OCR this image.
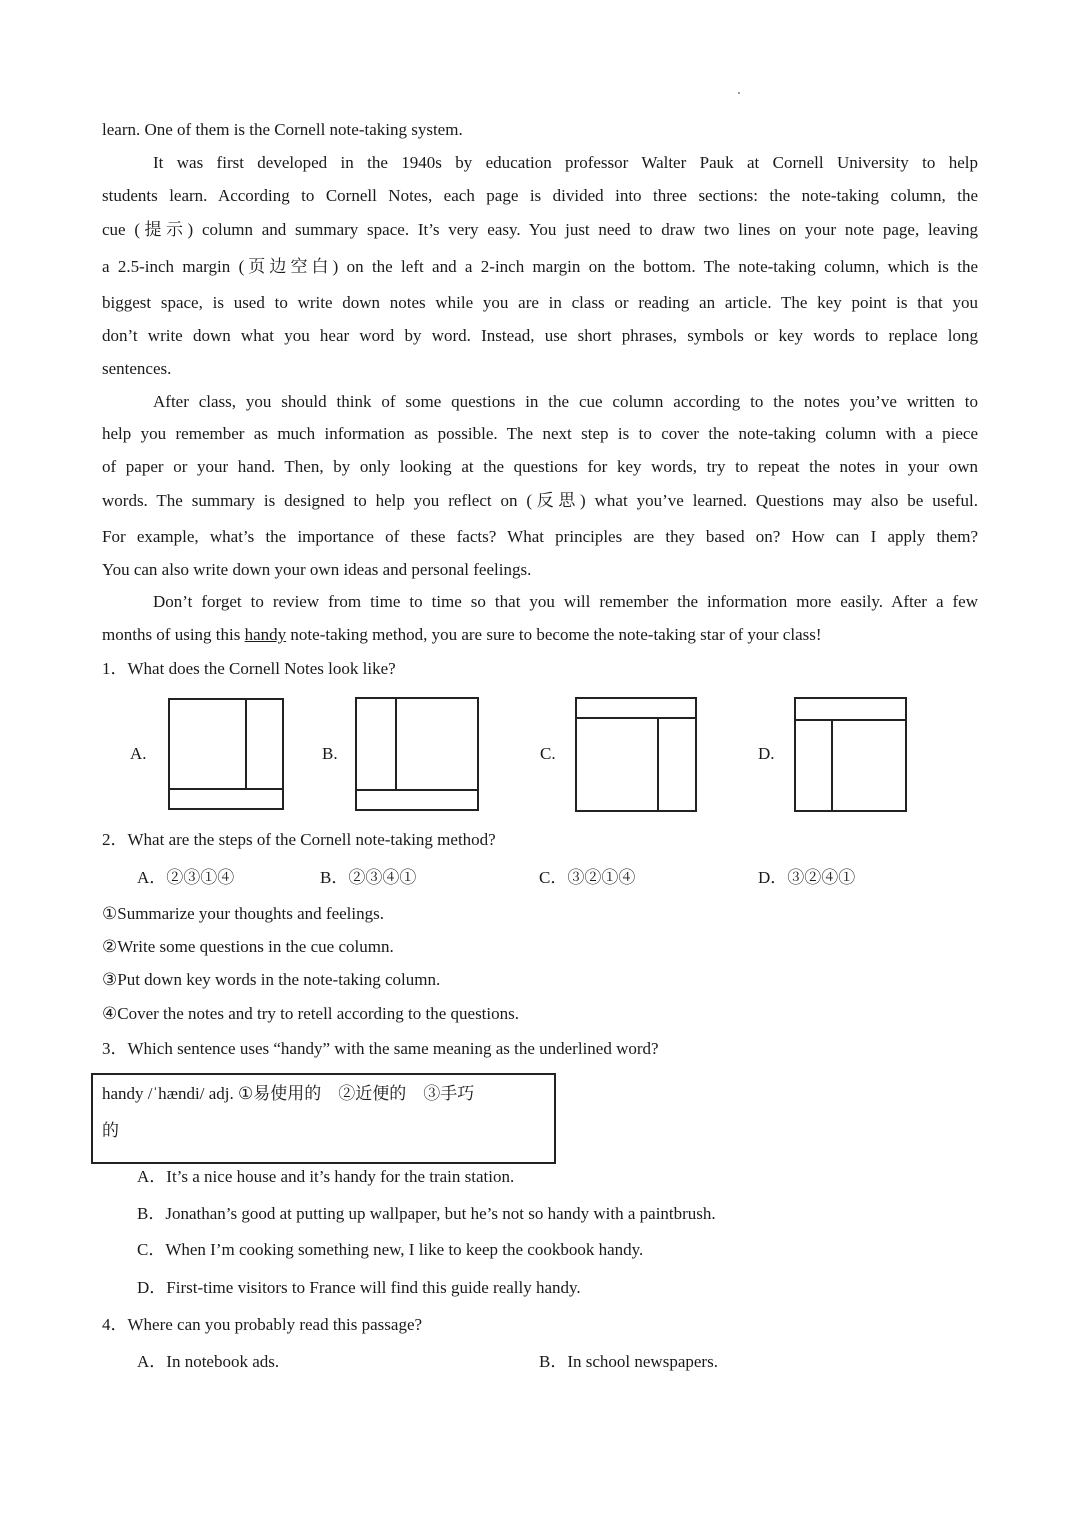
learn. One of them is the Cornell note-taking system.
It was first developed in the 1940s by education professor Walter Pauk at Cornell University to help
students learn. According to Cornell Notes, each page is divided into three sections: the note-taking column, the
cue (提示) column and summary space. It’s very easy. You just need to draw two lines on your note page, leaving
a 2.5-inch margin (页边空白) on the left and a 2-inch margin on the bottom. The note-taking column, which is the
biggest space, is used to write down notes while you are in class or reading an article. The key point is that you
don’t write down what you hear word by word. Instead, use short phrases, symbols or key words to replace long
sentences.
After class, you should think of some questions in the cue column according to the notes you’ve written to
help you remember as much information as possible. The next step is to cover the note-taking column with a piece
of paper or your hand. Then, by only looking at the questions for key words, try to repeat the notes in your own
words. The summary is designed to help you reflect on (反思) what you’ve learned. Questions may also be useful.
For example, what’s the importance of these facts? What principles are they based on? How can I apply them?
You can also write down your own ideas and personal feelings.
Don’t forget to review from time to time so that you will remember the information more easily. After a few
months of using this handy note-taking method, you are sure to become the note-taking star of your class!
1．What does the Cornell Notes look like?
A.	B.	C.	D.
2．What are the steps of the Cornell note-taking method?
A．②③①④	B．②③④①	C．③②①④	D．③②④①
①Summarize your thoughts and feelings.
②Write some questions in the cue column.
③Put down key words in the note-taking column.
④Cover the notes and try to retell according to the questions.
3．Which sentence uses “handy” with the same meaning as the underlined word?
handy /ˈhændi/ adj. ①易使用的　②近便的　③手巧
的
A．It’s a nice house and it’s handy for the train station.
B．Jonathan’s good at putting up wallpaper, but he’s not so handy with a paintbrush.
C．When I’m cooking something new, I like to keep the cookbook handy.
D．First-time visitors to France will find this guide really handy.
4．Where can you probably read this passage?
A．In notebook ads.	B．In school newspapers.
